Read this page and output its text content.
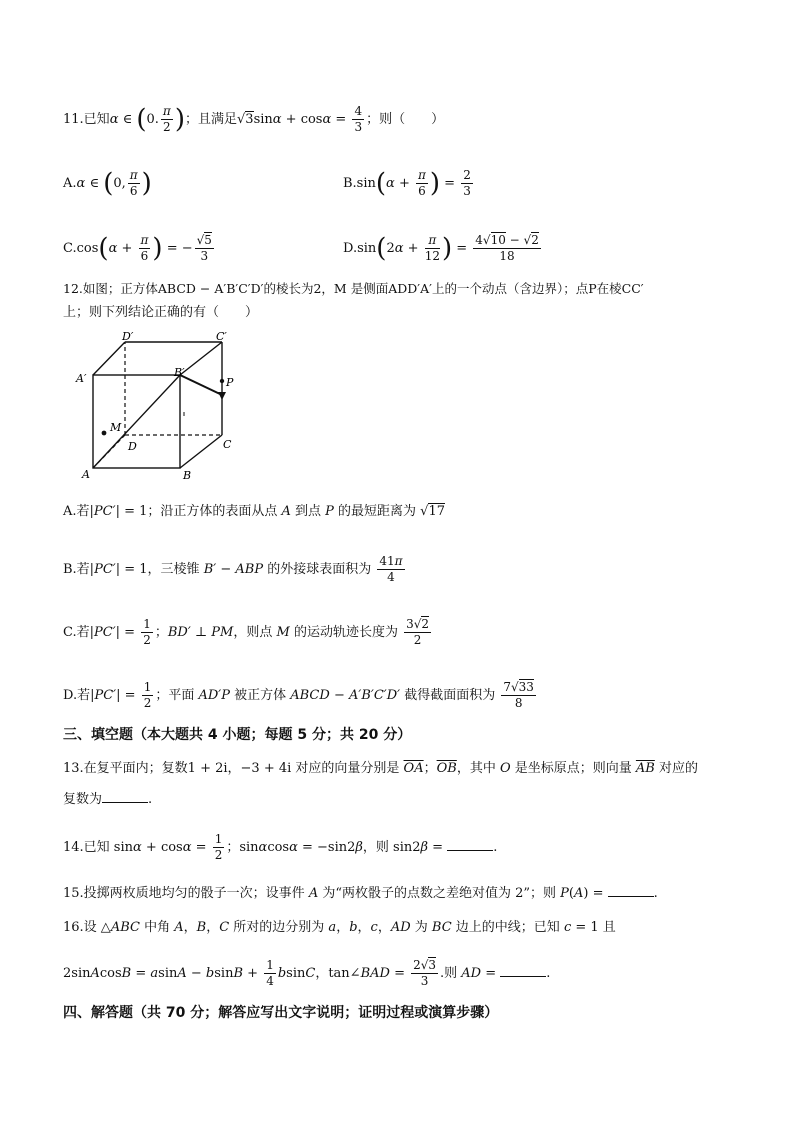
11.已知α ∈ (0. $\frac{\pi}{2}$ )；且满足$√3\sin\alpha + \cos\alpha = \frac{4}{3}$ ；则（　　）
A.α ∈ (0, $\frac{\pi}{6}$ )	$B.\sin(\alpha + \frac{\pi}{6}$ ) = $\frac{2}{3}$
$C.\cos(\alpha + \frac{\pi}{6}$ ) = − $\frac{√5}{3}$	$D.\sin(2\alpha + \frac{\pi}{12}$ ) = $\frac{4√10 - √2}{18}$
12.如图；正方体ABCD − A′B′C′D′的棱长为2，M 是侧面ADD′A′上的一个动点（含边界）；点P在棱CC′
上；则下列结论正确的有（　　）
D′	C′
A′	B′
P
M
D	C
A	B
A.若|PC′| = 1；沿正方体的表面从点 A 到点 P 的最短距离为 √17
B.若|PC′| = 1，三棱锥 B′ − ABP 的外接球表面积为 $\frac{41\pi}{4}$
C.若$|PC'| = \frac{1}{2}$ ；BD′ ⊥ PM，则点 M 的运动轨迹长度为 $\frac{3√2}{2}$
D.若$|PC'| = \frac{1}{2}$ ；平面 AD′P 被正方体 ABCD − A′B′C′D′ 截得截面面积为 $\frac{7√33}{8}$
三、填空题（本大题共 4 小题；每题 5 分；共 20 分）
13.在复平面内；复数1 + 2i，−3 + 4i 对应的向量分别是 $\overline{OA}$；$\overline{OB}$，其中 O 是坐标原点；则向量 $\overline{AB}$ 对应的
复数为	.
14.已知 $\sin\alpha + \cos\alpha = \frac{1}{2}$ ；sinαcosα = −sin2β，则 sin2β =	.
15.投掷两枚质地均匀的骰子一次；设事件 A 为“两枚骰子的点数之差绝对值为 2”；则 P(A) =	.
16.设 △ABC 中角 A，B，C 所对的边分别为 a，b，c，AD 为 BC 边上的中线；已知 c = 1 且
2sinAcosB = $asinA - bsinB + \frac{1}{4}$ bsinC，tan∠BAD = $\frac{2√3}{3}$ .则 AD =	.
四、解答题（共 70 分；解答应写出文字说明；证明过程或演算步骤）
